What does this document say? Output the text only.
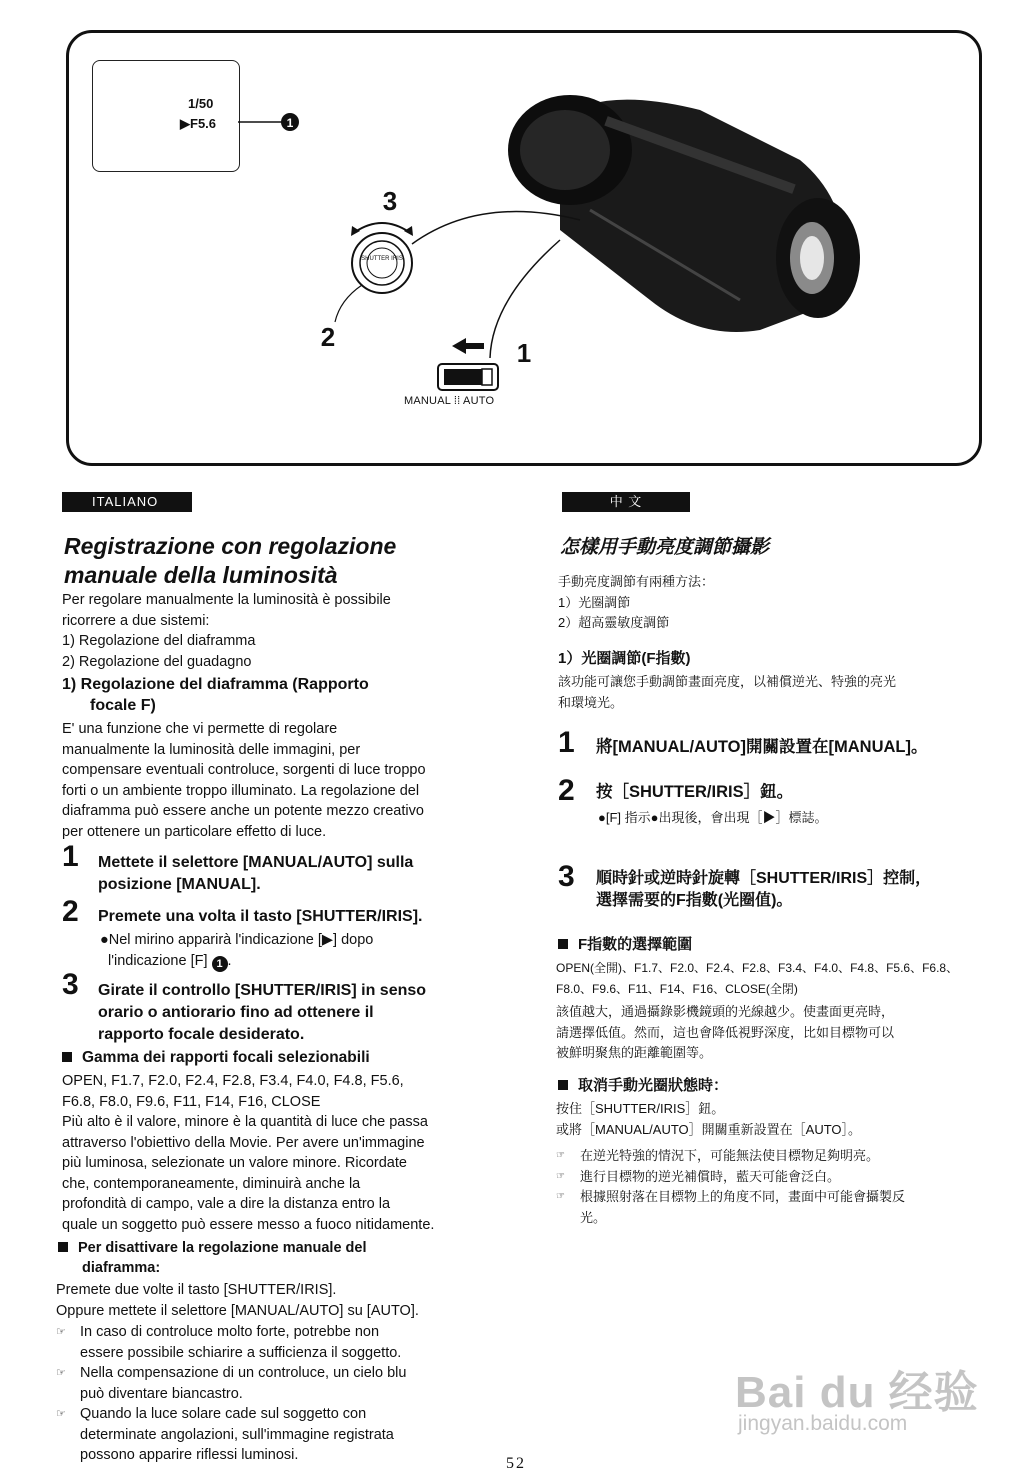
1/50
▶F5.6	1
SHUTTER IRIS
3
2
1
MANUAL ⁞⁞ AUTO
ITALIANO
Registrazione con regolazione
manuale della luminosità
Per regolare manualmente la luminosità è possibile
ricorrere a due sistemi:
1) Regolazione del diaframma
2) Regolazione del guadagno
1) Regolazione del diaframma (Rapporto
focale F)
E' una funzione che vi permette di regolare
manualmente la luminosità delle immagini, per
compensare eventuali controluce, sorgenti di luce troppo
forti o un ambiente troppo illuminato. La regolazione del
diaframma può essere anche un potente mezzo creativo
per ottenere un particolare effetto di luce.
1 Mettete il selettore [MANUAL/AUTO] sulla
posizione [MANUAL].
2 Premete una volta il tasto [SHUTTER/IRIS].
●Nel mirino apparirà l'indicazione [▶] dopo
l'indicazione [F] 1 .
3 Girate il controllo [SHUTTER/IRIS] in senso
orario o antiorario fino ad ottenere il
rapporto focale desiderato.
Gamma dei rapporti focali selezionabili
OPEN, F1.7, F2.0, F2.4, F2.8, F3.4, F4.0, F4.8, F5.6,
F6.8, F8.0, F9.6, F11, F14, F16, CLOSE
Più alto è il valore, minore è la quantità di luce che passa
attraverso l'obiettivo della Movie. Per avere un'immagine
più luminosa, selezionate un valore minore. Ricordate
che, contemporaneamente, diminuirà anche la
profondità di campo, vale a dire la distanza entro la
quale un soggetto può essere messo a fuoco nitidamente.
Per disattivare la regolazione manuale del
diaframma:
Premete due volte il tasto [SHUTTER/IRIS].
Oppure mettete il selettore [MANUAL/AUTO] su [AUTO].
☞ In caso di controluce molto forte, potrebbe non
essere possibile schiarire a sufficienza il soggetto.
☞ Nella compensazione di un controluce, un cielo blu
può diventare biancastro.
☞ Quando la luce solare cade sul soggetto con
determinate angolazioni, sull'immagine registrata
possono apparire riflessi luminosi.
中 文
怎樣用手動亮度調節攝影
手動亮度調節有兩種方法：
1）光圈調節
2）超高靈敏度調節
1）光圈調節(F指數)
該功能可讓您手動調節畫面亮度，以補償逆光、特強的亮光
和環境光。
1 將[MANUAL/AUTO]開關設置在[MANUAL]。
2 按［SHUTTER/IRIS］鈕。
●[F] 指示●出現後，會出現［▶］標誌。
3 順時針或逆時針旋轉［SHUTTER/IRIS］控制，
選擇需要的F指數(光圈值)。
F指數的選擇範圍
OPEN(全開)、F1.7、F2.0、F2.4、F2.8、F3.4、F4.0、F4.8、F5.6、F6.8、
F8.0、F9.6、F11、F14、F16、CLOSE(全閉)
該值越大，通過攝錄影機鏡頭的光線越少。使畫面更亮時，
請選擇低值。然而，這也會降低視野深度，比如目標物可以
被鮮明聚焦的距離範圍等。
取消手動光圈狀態時：
按住［SHUTTER/IRIS］鈕。
或將［MANUAL/AUTO］開關重新設置在［AUTO］。
☞	在逆光特強的情況下，可能無法使目標物足夠明亮。
☞	進行目標物的逆光補償時，藍天可能會泛白。
☞	根據照射落在目標物上的角度不同，畫面中可能會攝製反
光。
52
Bai du 经验
jingyan.baidu.com
